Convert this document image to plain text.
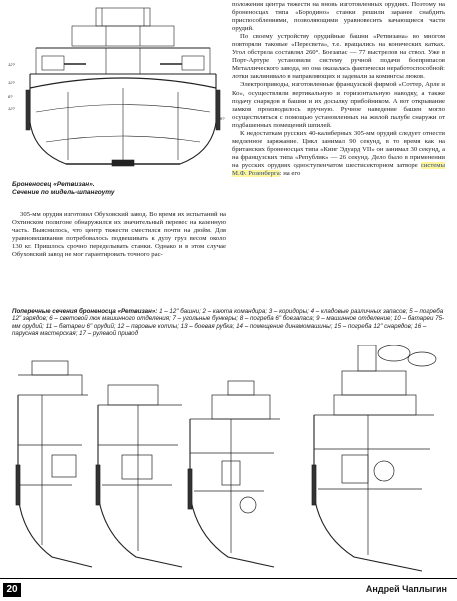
12?
12?
8?
12?
8?
Броненосец «Ретвизан».
Сечение по мидель-шпангоуту

305-мм орудия изготовил Обуховский завод. Во время их испытаний на Охтинском полигоне обнаружился их значительный перевес на казенную часть. Выяснилось, что центр тяжести сместился почти на дюйм. Для уравновешивания потребовалось подвешивать к дулу груз весом около 130 кг. Пришлось срочно переделывать станки. Однако и в этом случае Обуховский завод не мог гарантировать точного рас-

положения центра тяжести на вновь изготовленных орудиях. Поэтому на броненосцах типа «Бородино» станки решили заранее снабдить приспособлениями, позволяющими уравновесить качающиеся части орудий.

По своему устройству орудийные башни «Ретвизана» во многом повторяли таковые «Пересвета», т.е. вращались на конических катках. Угол обстрела составлял 260°. Боезапас — 77 выстрелов на ствол. Уже в Порт-Артуре установили систему ручной подачи боеприпасов Металлического завода, но она оказалась фактически неработоспособной: лотки заклинивало в направляющих и задевали за комингсы люков.

Электроприводы, изготовленные французской фирмой «Соттер, Арле и Ко», осуществляли вертикальную и горизонтальную наводку, а также подачу снарядов в башни и их досылку прибойником. А вот открывание замков производилось вручную. Ручное наведение башен могло осуществляться с помощью установленных на жилой палубе снаружи от подбашенных помещений шпилей.

К недостаткам русских 40-калиберных 305-мм орудий следует отнести медленное заряжание. Цикл занимал 90 секунд, в то время как на британских броненосцах типа «Кинг Эдуард VII» он занимал 30 секунд, а на французских типа «Републик» — 26 секунд. Дело было в применении на русских орудиях одноступенчатом шестисекторном затворе системы М.Ф. Розенберга: на его

Поперечные сечения броненосца «Ретвизан»: 1 – 12" башни; 2 – каюта командира; 3 – коридоры; 4 – кладовые различных запасов; 5 – погреба 12" зарядов; 6 – световой люк машинного отделения; 7 – угольные бункеры; 8 – погреба 6" боезапаса; 9 – машинное отделение; 10 – батареи 75-мм орудий; 11 – батареи 6" орудий; 12 – паровые котлы; 13 – боевая рубка; 14 – помещение динамомашины; 15 – погреба 12" снарядов; 16 – парусная мастерская; 17 – рулевой привод
20	Андрей Чаплыгин
